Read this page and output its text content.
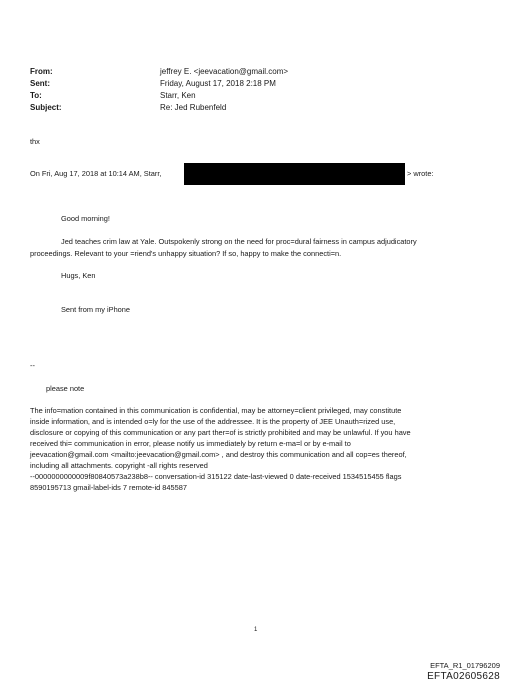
From:	jeffrey E. <jeevacation@gmail.com>
Sent:	Friday, August 17, 2018 2:18 PM
To:	Starr, Ken
Subject:	Re: Jed Rubenfeld
thx
On Fri, Aug 17, 2018 at 10:14 AM, Starr,	> wrote:
Good morning!
Jed teaches crim law at Yale. Outspokenly strong on the need for proc=dural fairness in campus adjudicatory
proceedings. Relevant to your =riend's unhappy situation? If so, happy to make the connecti=n.
Hugs, Ken
Sent from my iPhone
--
please note

The info=mation contained in this communication is confidential, may be attorney=client privileged, may constitute

inside information, and is intended o=ly for the use of the addressee. It is the property of JEE Unauth=rized use,

disclosure or copying of this communication or any part ther=of is strictly prohibited and may be unlawful. If you have

received thi= communication in error, please notify us immediately by return e-ma=l or by e-mail to

jeevacation@gmail.com <mailto:jeevacation@gmail.com> , and destroy this communication and all cop=es thereof,

including all attachments. copyright -all rights reserved

--0000000000009f80840573a238b8-- conversation-id 315122 date-last-viewed 0 date-received 1534515455 flags

8590195713 gmail-label-ids 7 remote-id 845587

1
EFTA_R1_01796209
EFTA02605628
